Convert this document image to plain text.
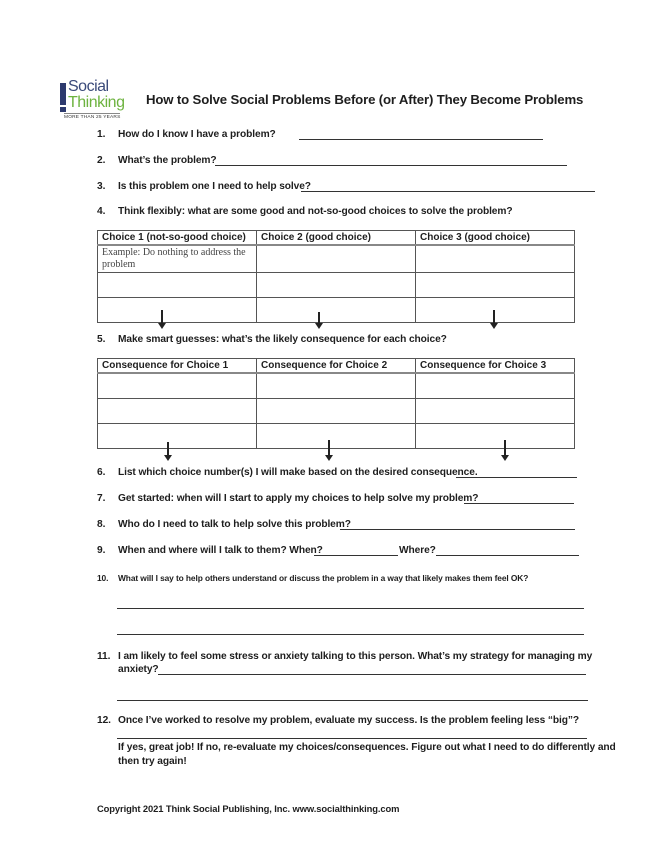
Social
Thinking
MORE THAN 25 YEARS
How to Solve Social Problems Before (or After) They Become Problems
1. How do I know I have a problem?
2. What’s the problem?
3. Is this problem one I need to help solve?
4. Think flexibly: what are some good and not-so-good choices to solve the problem?
Choice 1 (not-so-good choice)	Choice 2 (good choice)	Choice 3 (good choice)
Example: Do nothing to address the problem		

5. Make smart guesses: what’s the likely consequence for each choice?
Consequence for Choice 1	Consequence for Choice 2	Consequence for Choice 3

6. List which choice number(s) I will make based on the desired consequence.
7. Get started: when will I start to apply my choices to help solve my problem?
8. Who do I need to talk to help solve this problem?
9. When and where will I talk to them? When?	Where?
10. What will I say to help others understand or discuss the problem in a way that likely makes them feel OK?
11. I am likely to feel some stress or anxiety talking to this person. What’s my strategy for managing my
anxiety?
12. Once I’ve worked to resolve my problem, evaluate my success. Is the problem feeling less “big”?
If yes, great job! If no, re-evaluate my choices/consequences. Figure out what I need to do differently and
then try again!
Copyright 2021 Think Social Publishing, Inc. www.socialthinking.com
